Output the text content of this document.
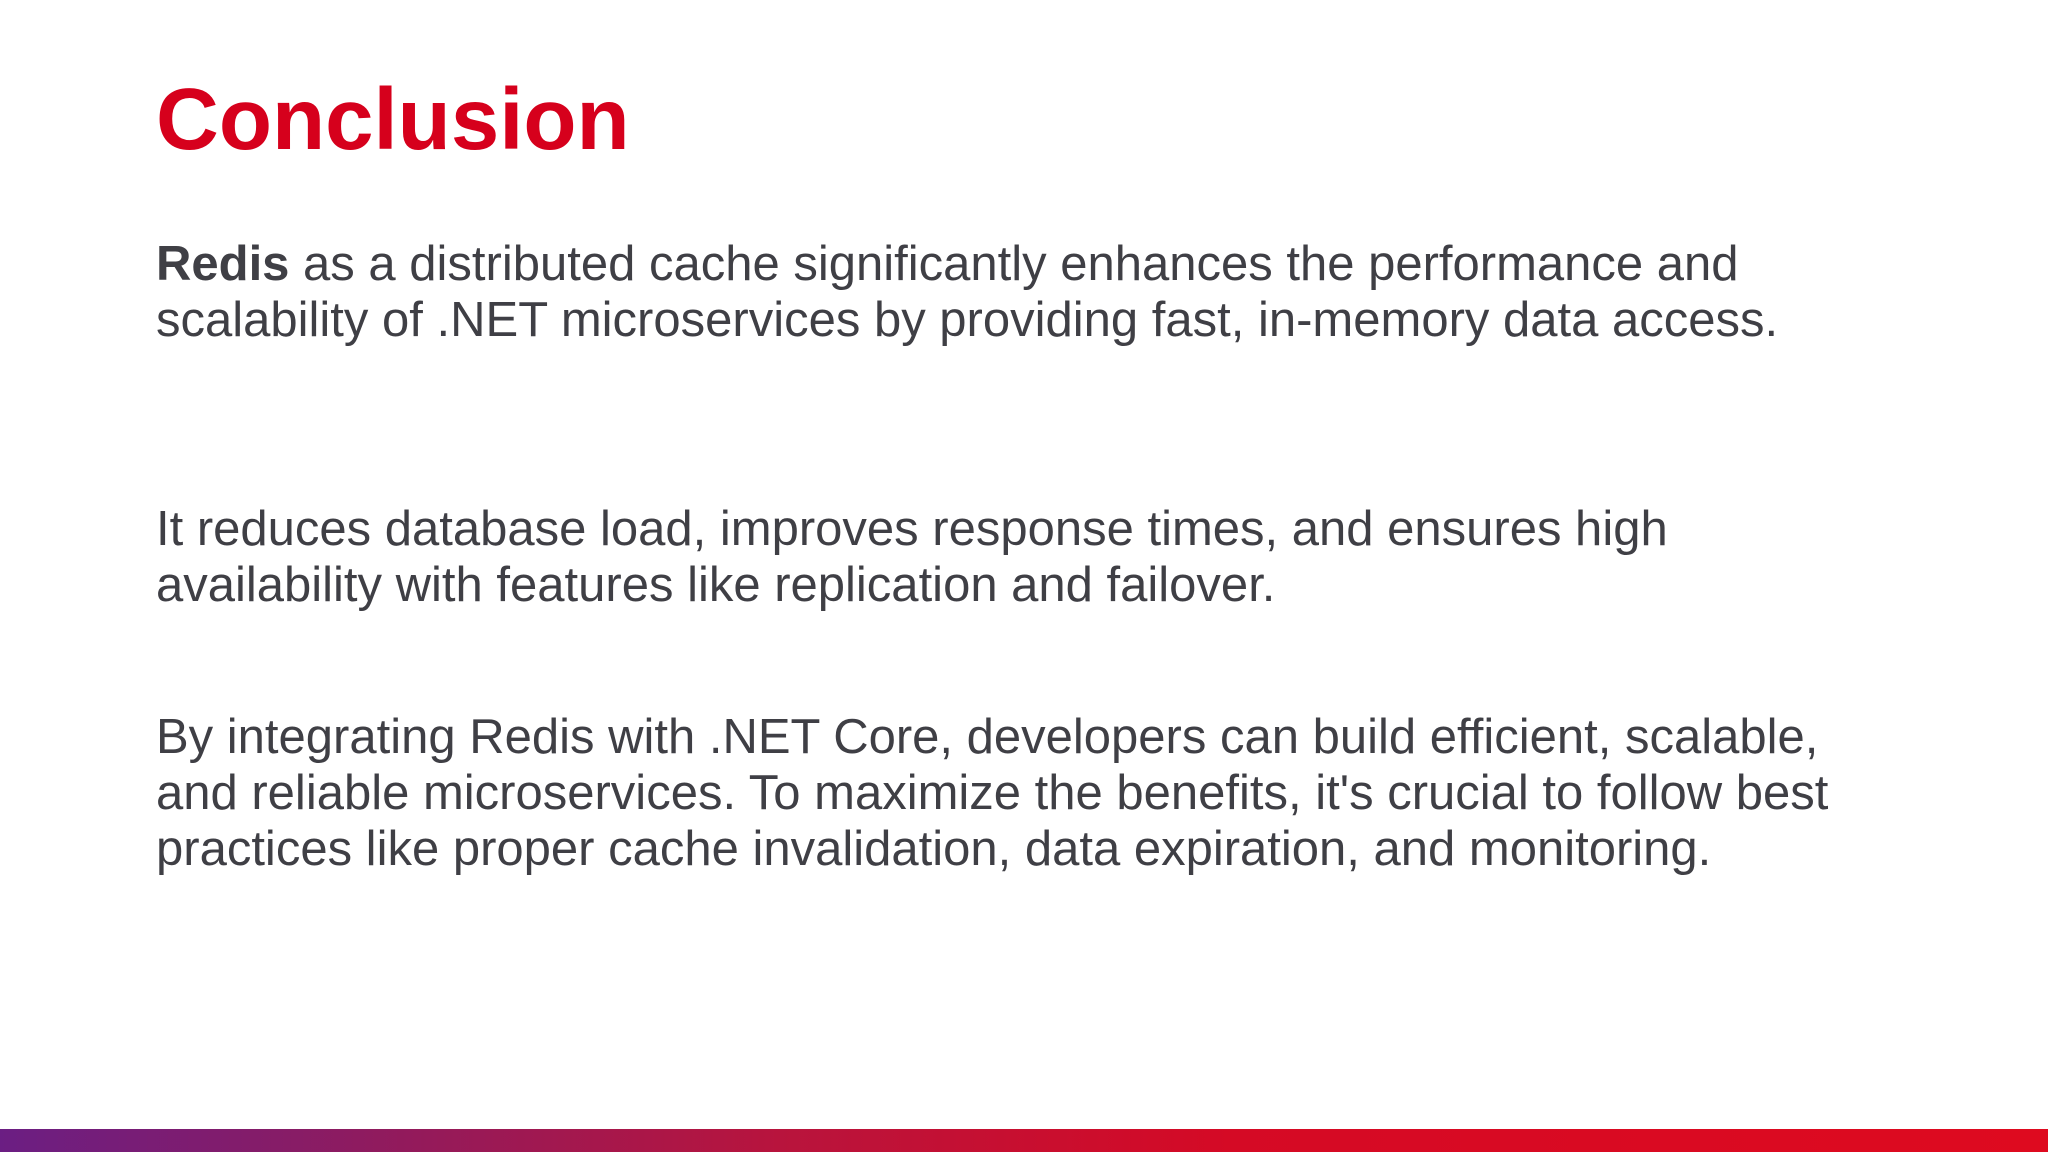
Conclusion

Redis as a distributed cache significantly enhances the performance and scalability of .NET microservices by providing fast, in-memory data access.

It reduces database load, improves response times, and ensures high availability with features like replication and failover.

By integrating Redis with .NET Core, developers can build efficient, scalable, and reliable microservices. To maximize the benefits, it's crucial to follow best practices like proper cache invalidation, data expiration, and monitoring.
